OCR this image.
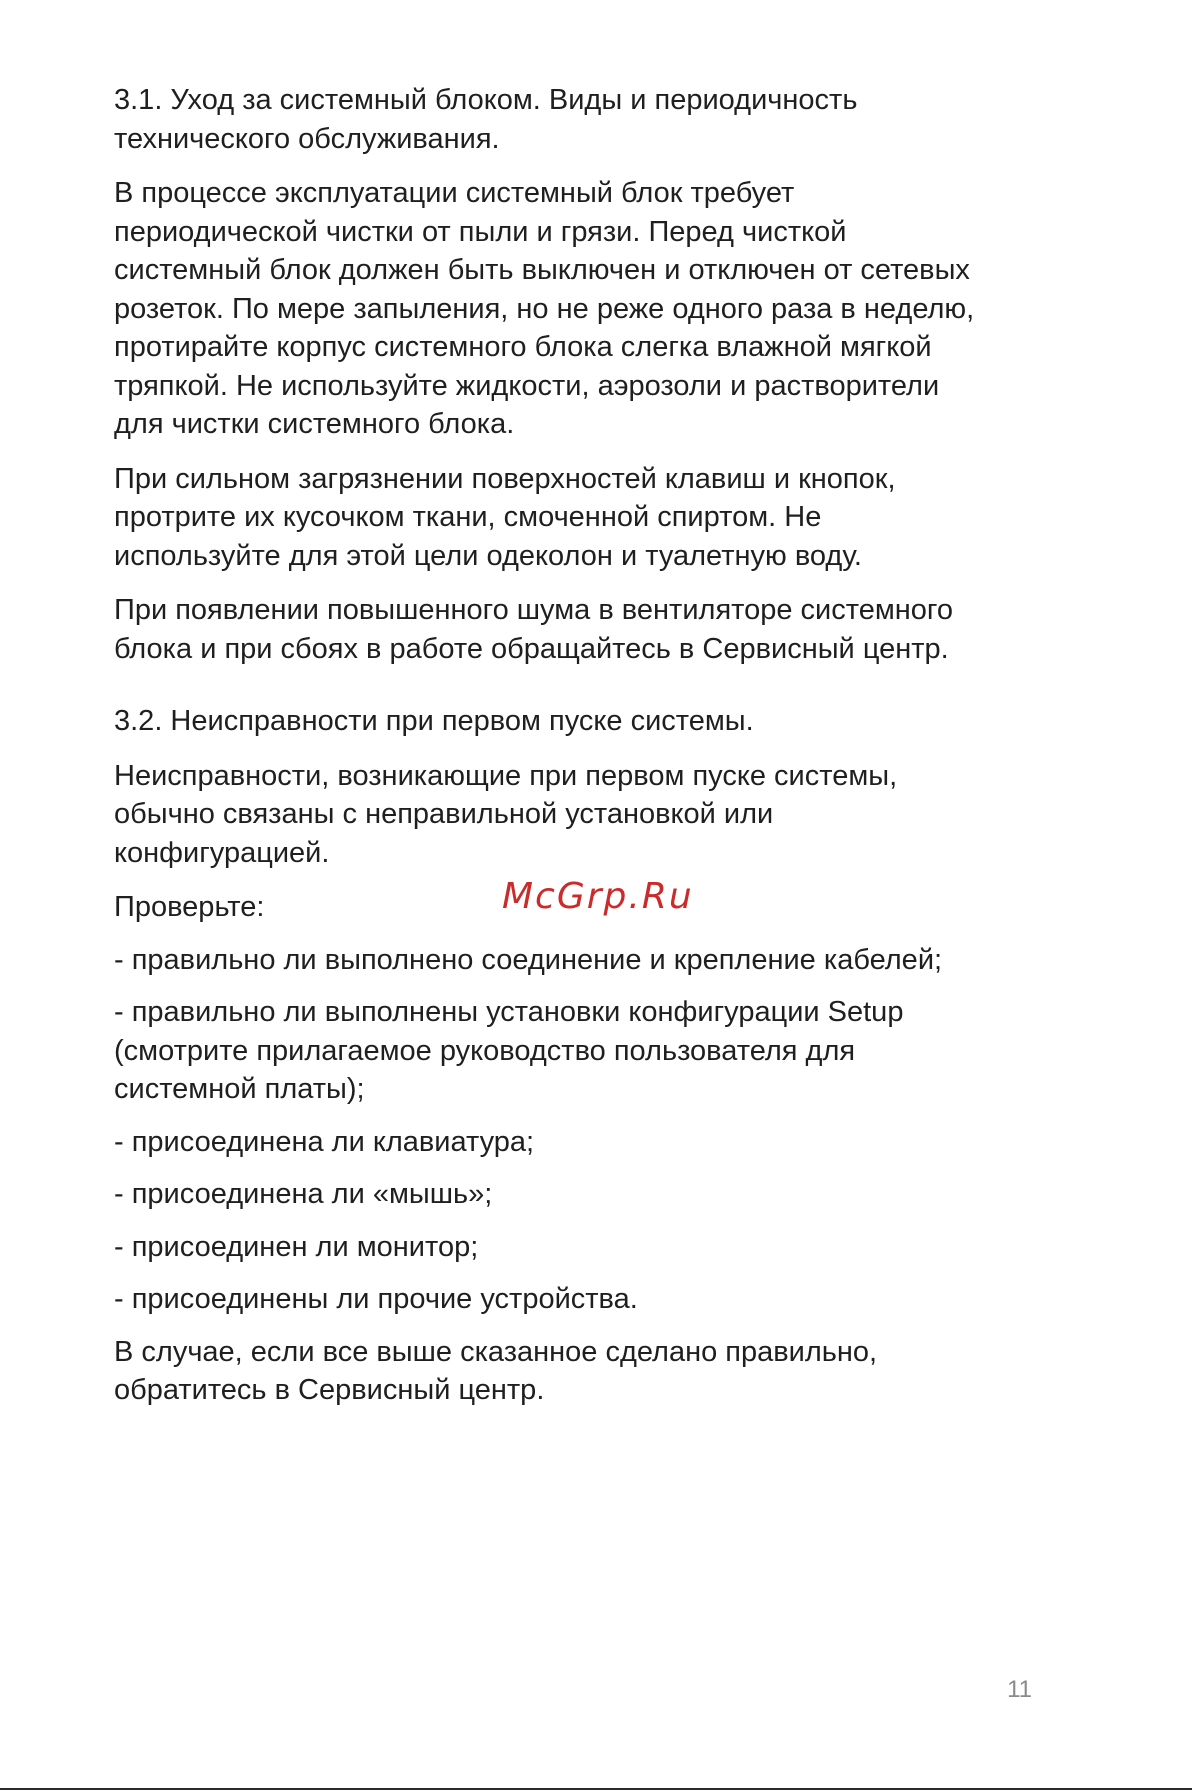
3.1. Уход за системный блоком. Виды и периодичность
технического обслуживания.

В процессе эксплуатации системный блок требует
периодической чистки от пыли и грязи. Перед чисткой
системный блок должен быть выключен и отключен от сетевых
розеток. По мере запыления, но не реже одного раза в неделю,
протирайте корпус системного блока слегка влажной мягкой
тряпкой. Не используйте жидкости, аэрозоли и растворители
для чистки системного блока.

При сильном загрязнении поверхностей клавиш и кнопок,
протрите их кусочком ткани, смоченной спиртом. Не
используйте для этой цели одеколон и туалетную воду.

При появлении повышенного шума в вентиляторе системного
блока и при сбоях в работе обращайтесь в Сервисный центр.

3.2. Неисправности при первом пуске системы.

Неисправности, возникающие при первом пуске системы,
обычно связаны с неправильной установкой или
конфигурацией.

Проверьте:

- правильно ли выполнено соединение и крепление кабелей;

- правильно ли выполнены установки конфигурации Setup
(смотрите прилагаемое руководство пользователя для
системной платы);

- присоединена ли клавиатура;

- присоединена ли «мышь»;

- присоединен ли монитор;

- присоединены ли прочие устройства.

В случае, если все выше сказанное сделано правильно,
обратитесь в Сервисный центр.

McGrp.Ru
11
